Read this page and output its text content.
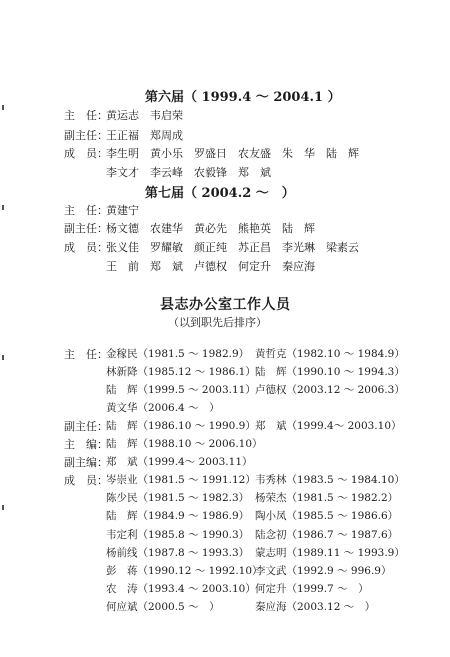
第六届（ 1999.4 ～ 2004.1 ）
主　任：
黄运志　韦启荣
副主任：
王正福　郑周成
成　员：
李生明　黄小乐　罗盛日　农友盛　朱　华　陆　辉
李文才　李云峰　农毅锋　郑　斌
第七届（ 2004.2 ～　）
主　任：
黄建宁
副主任：
杨文德　农建华　黄必先　熊艳英　陆　辉
成　员：
张义佳　罗耀敏　颜正纯　苏正昌　李光琳　梁素云
王　前　郑　斌　卢德权　何定升　秦应海
县志办公室工作人员
（以到职先后排序）
主　任：
金稼民（1981.5 ～ 1982.9） 黄哲克（1982.10 ～ 1984.9）
林新降（1985.12 ～ 1986.1） 陆　辉（1990.10 ～ 1994.3）
陆　辉（1999.5 ～ 2003.11） 卢德权（2003.12 ～ 2006.3）
黄文华（2006.4 ～　）
副主任：
陆　辉（1986.10 ～ 1990.9） 郑　斌（1999.4～ 2003.10）
主　编：
陆　辉（1988.10 ～ 2006.10）
副主编：
郑　斌（1999.4～ 2003.11）
成　员：
岑崇业（1981.5 ～ 1991.12） 韦秀林（1983.5 ～ 1984.10）
陈少民（1981.5 ～ 1982.3） 杨荣杰（1981.5 ～ 1982.2）
陆　辉（1984.9 ～ 1986.9） 陶小凤（1985.5 ～ 1986.6）
韦定利（1985.8 ～ 1990.3） 陆念初（1986.7 ～ 1987.6）
杨前线（1987.8 ～ 1993.3） 蒙志明（1989.11 ～ 1993.9）
彭　蒋（1990.12 ～ 1992.10）
李文武（1992.9 ～ 996.9）
农　涛（1993.4 ～ 2003.10） 何定升（1999.7 ～　）
何应斌（2000.5 ～　）	秦应海（2003.12 ～　）
